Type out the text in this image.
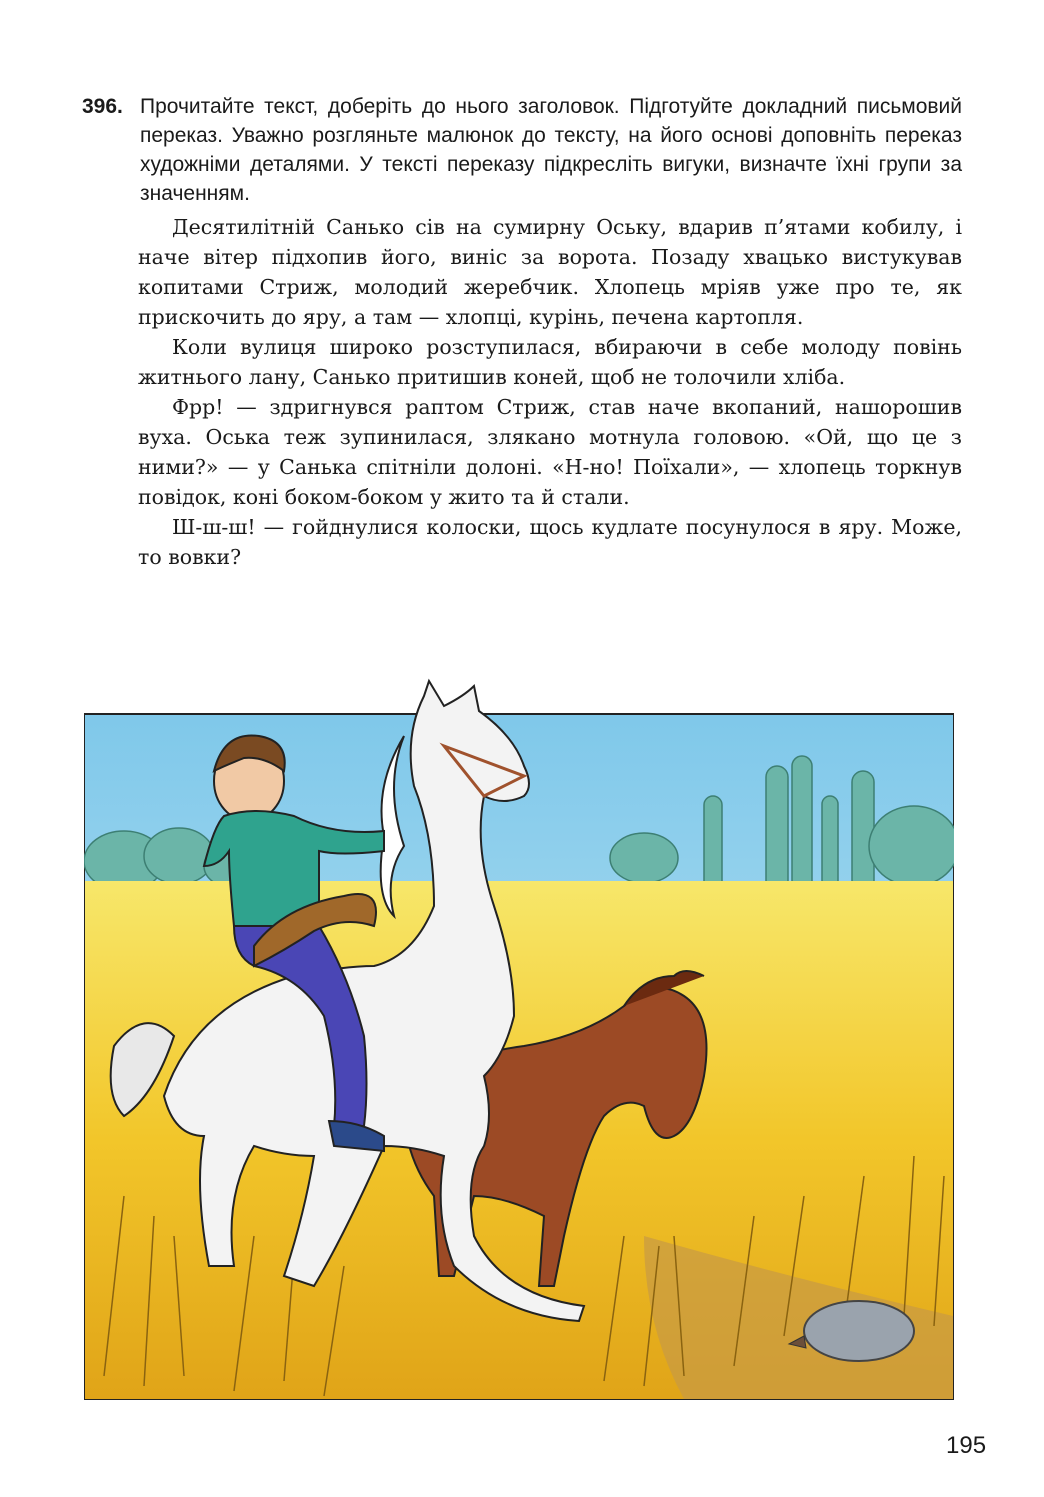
396. Прочитайте текст, доберіть до нього заголовок. Підготуйте докладний письмовий переказ. Уважно розгляньте малюнок до тексту, на його основі доповніть переказ художніми деталями. У тексті переказу підкресліть вигуки, визначте їхні групи за значенням.

Десятилітній Санько сів на сумирну Оську, вдарив п’ятами кобилу, і наче вітер підхопив його, виніс за ворота. Позаду хвацько вистукував копитами Стриж, молодий жеребчик. Хлопець мріяв уже про те, як прискочить до яру, а там — хлопці, курінь, печена картопля.

Коли вулиця широко розступилася, вбираючи в себе молоду повінь житнього лану, Санько притишив коней, щоб не толочили хліба.

Фрр! — здригнувся раптом Стриж, став наче вкопаний, нашорошив вуха. Оська теж зупинилася, злякано мотнула головою. «Ой, що це з ними?» — у Санька спітніли долоні. «Н-но! Поїхали», — хлопець торкнув повідок, коні боком-боком у жито та й стали.

Ш-ш-ш! — гойднулися колоски, щось кудлате посунулося в яру. Може, то вовки?

195
